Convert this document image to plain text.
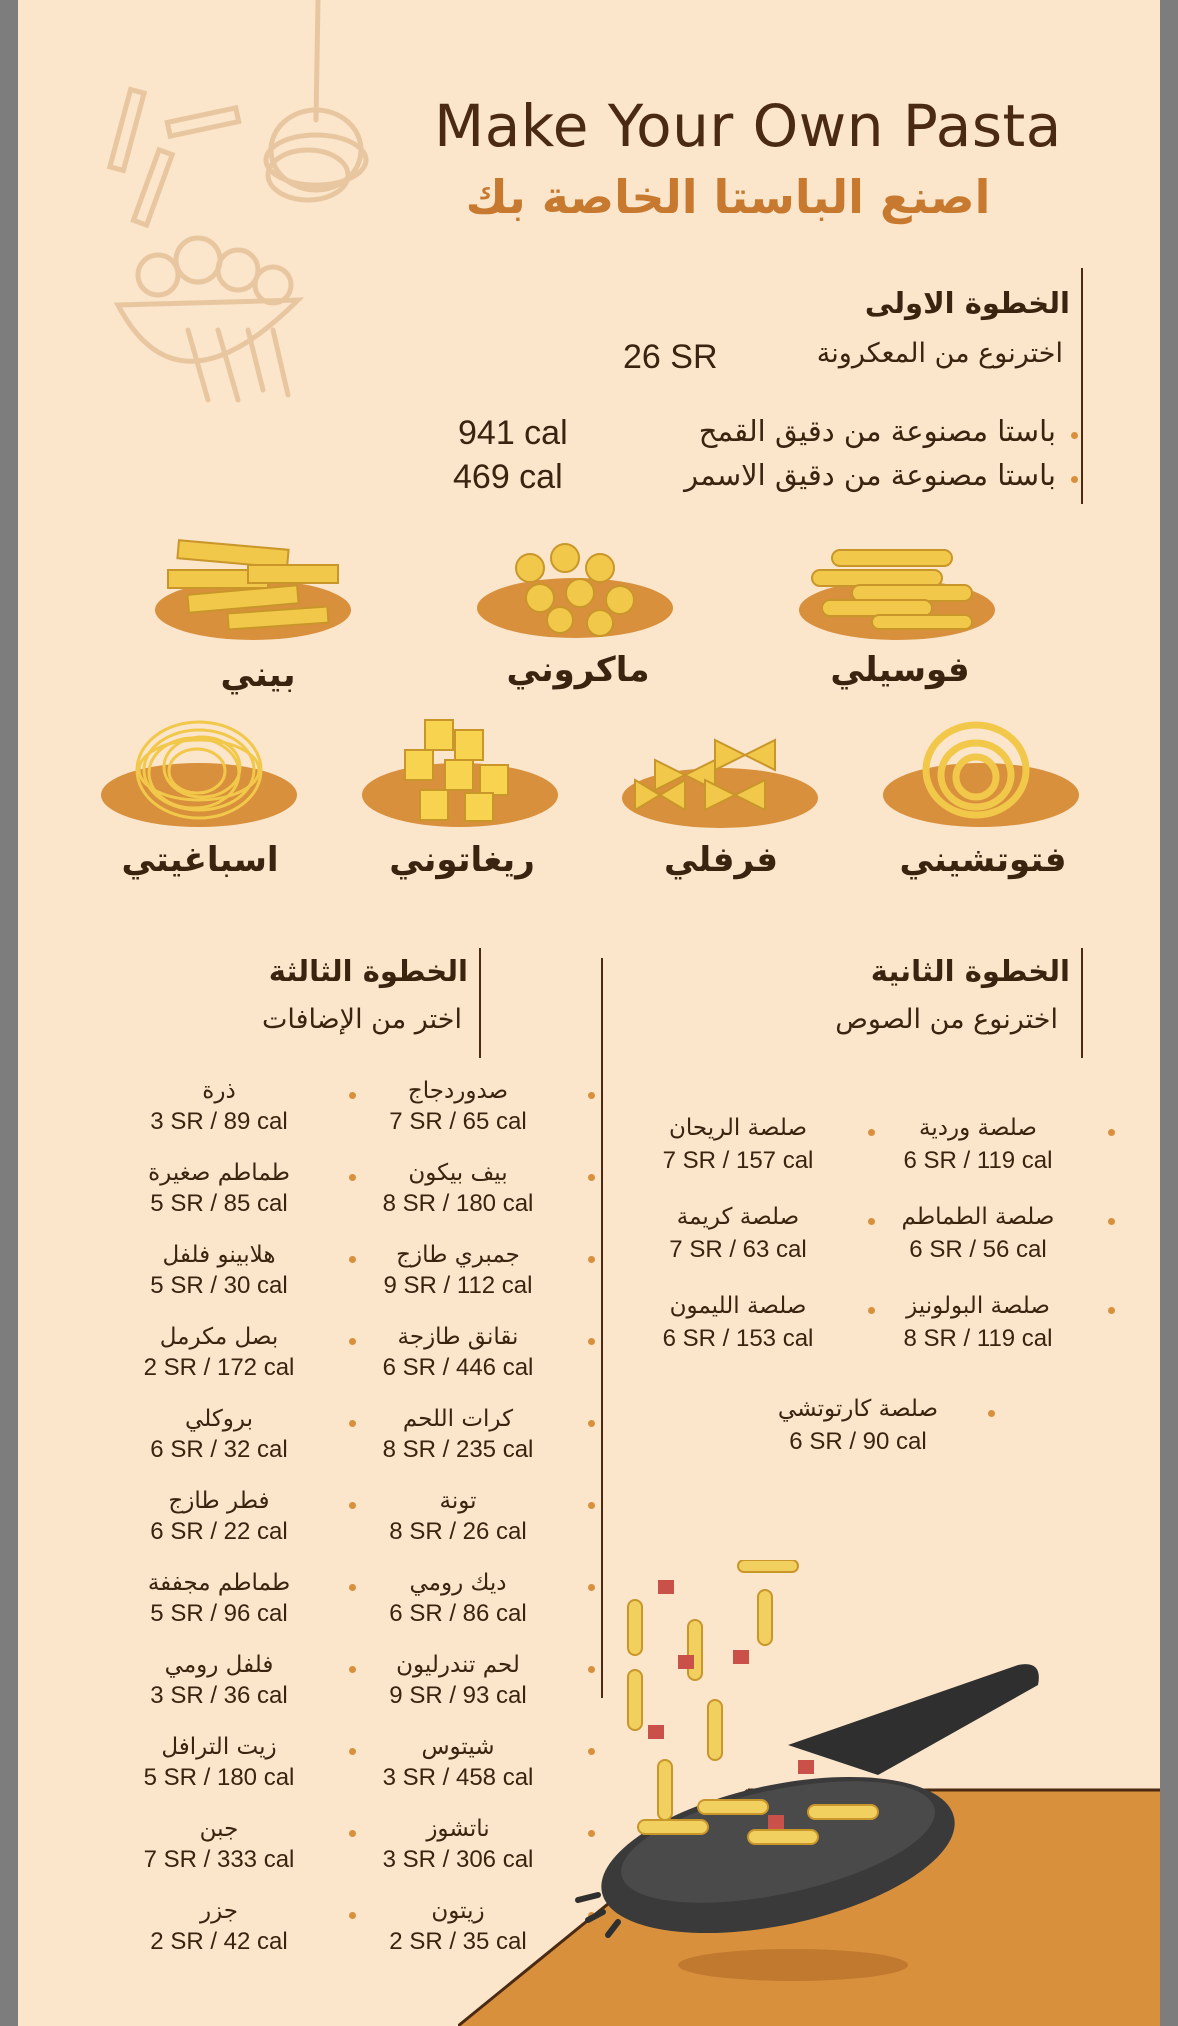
Make Your Own Pasta
اصنع الباستا الخاصة بك
الخطوة الاولى
اخترنوع من المعكرونة
26 SR
باستا مصنوعة من دقيق القمح
941 cal
باستا مصنوعة من دقيق الاسمر
469 cal
فوسيلي
ماكروني
بيني
فتوتشيني
فرفلي
ريغاتوني
اسباغيتي
الخطوة الثانية
اخترنوع من الصوص
صلصة وردية
6 SR / 119 cal
صلصة الريحان
7 SR / 157 cal
صلصة الطماطم
6 SR / 56 cal
صلصة كريمة
7 SR / 63 cal
صلصة البولونيز
8 SR / 119 cal
صلصة الليمون
6 SR / 153 cal
صلصة كارتوتشي
6 SR / 90 cal
الخطوة الثالثة
اختر من الإضافات
صدوردجاج
7 SR / 65 cal
بيف بيكون
8 SR / 180 cal
جمبري طازج
9 SR / 112 cal
نقانق طازجة
6 SR / 446 cal
كرات اللحم
8 SR / 235 cal
تونة
8 SR / 26 cal
ديك رومي
6 SR / 86 cal
لحم تندرليون
9 SR / 93 cal
شيتوس
3 SR / 458 cal
ناتشوز
3 SR / 306 cal
زيتون
2 SR / 35 cal
ذرة
3 SR / 89 cal
طماطم صغيرة
5 SR / 85 cal
هلابينو فلفل
5 SR / 30 cal
بصل مكرمل
2 SR / 172 cal
بروكلي
6 SR / 32 cal
فطر طازج
6 SR / 22 cal
طماطم مجففة
5 SR / 96 cal
فلفل رومي
3 SR / 36 cal
زيت الترافل
5 SR / 180 cal
جبن
7 SR / 333 cal
جزر
2 SR / 42 cal
